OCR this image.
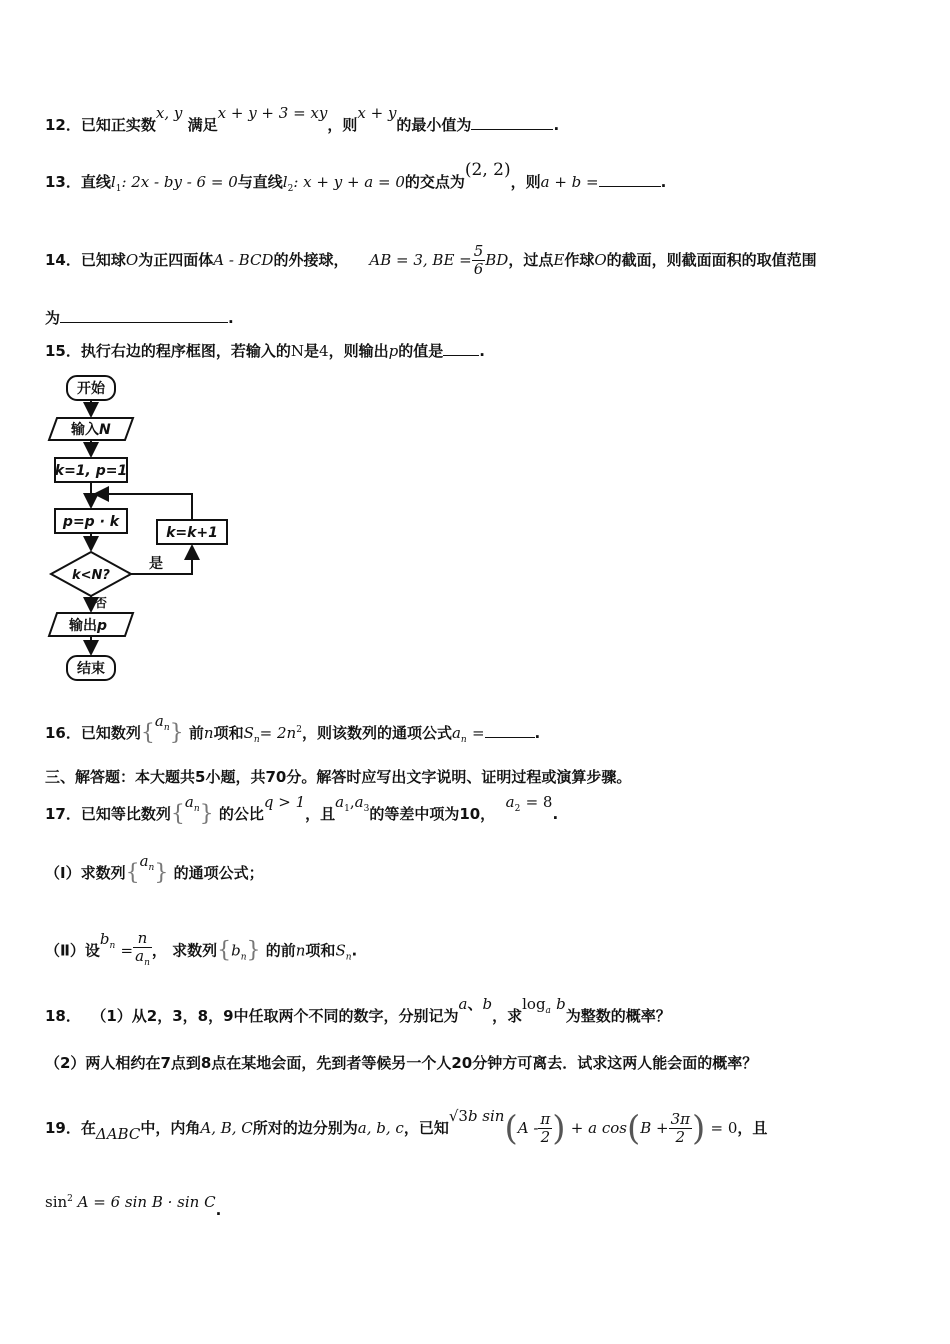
12．已知正实数x, y 满足x + y + 3 = xy，则x + y的最小值为	.
13．直线$l_1$: 2x - by - 6 = 0与直线$l_2$: x + y + a = 0的交点为(2, 2)，则a + b =	.
14．已知球O为正四面体A - BCD的外接球， AB = 3, BE = $\frac{5}{6}$ BD，过点E作球O的截面，则截面面积的取值范围
为	.
15．执行右边的程序框图，若输入的N是4，则输出p的值是 .
开始
输入N
k=1, p=1
p=p · k
k<N?
是
否
k=k+1
输出p
结束
16．已知数列$\{a_n\}$ 前n项和$S_n= 2n^2$，则该数列的通项公式$a_n$ =	.
三、解答题：本大题共5小题，共70分。解答时应写出文字说明、证明过程或演算步骤。
17．已知等比数列$\{a_n\}$ 的公比q > 1，且$a_1,a_3$的等差中项为10，  $a_2 = 8$.
（Ⅰ）求数列$\{a_n\}$ 的通项公式；
（Ⅱ）设$b_n = \frac{n}{a_n}$ ， 求数列$\{b_n\}$ 的前n项和$S_n$.
18． （1）从2，3，8，9中任取两个不同的数字，分别记为a、b，求$\log_a b$为整数的概率？
（2）两人相约在7点到8点在某地会面，先到者等候另一个人20分钟方可离去．试求这两人能会面的概率？
19．在ΔABC中，内角A, B, C所对的边分别为a, b, c，已知√3b $\sin(A - \frac{\pi}{2}$ ) + a $\cos(B + \frac{3\pi}{2}$ ) = 0，且
$\sin^2 A = 6$ sin B · sin C.
